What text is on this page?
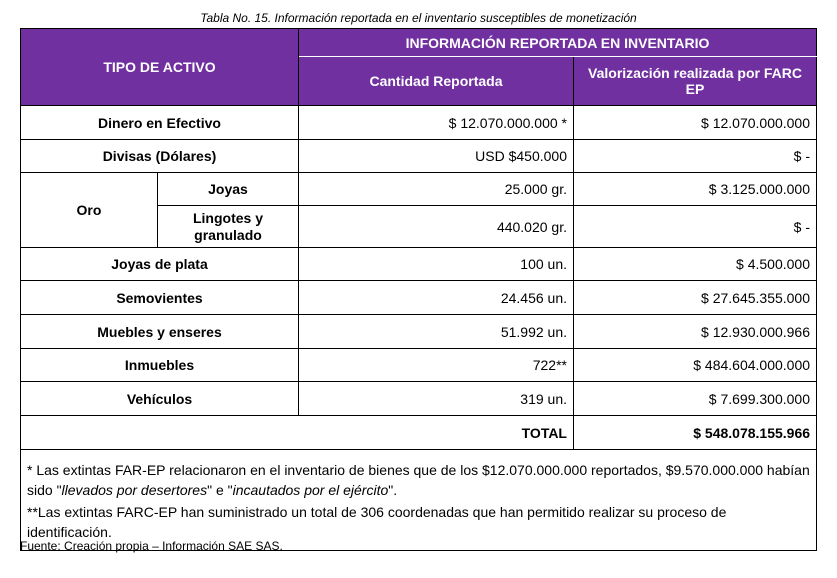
Tabla No. 15. Información reportada en el inventario susceptibles de monetización
TIPO DE ACTIVO		INFORMACIÓN REPORTADA EN INVENTARIO	
		Cantidad Reportada	Valorización realizada por FARC EP
Dinero en Efectivo		$ 12.070.000.000 *	$ 12.070.000.000
Divisas (Dólares)		USD $450.000	$ -
Oro	Joyas	25.000 gr.	$ 3.125.000.000
	Lingotes y granulado	440.020 gr.	$ -
Joyas de plata		100 un.	$ 4.500.000
Semovientes		24.456 un.	$ 27.645.355.000
Muebles y enseres		51.992 un.	$ 12.930.000.966
Inmuebles		722**	$ 484.604.000.000
Vehículos		319 un.	$ 7.699.300.000
		TOTAL	$ 548.078.155.966

* Las extintas FAR-EP relacionaron en el inventario de bienes que de los $12.070.000.000 reportados, $9.570.000.000 habían sido "llevados por desertores" e "incautados por el ejército".

**Las extintas FARC-EP han suministrado un total de 306 coordenadas que han permitido realizar su proceso de identificación.			

Fuente: Creación propia – Información SAE SAS.
